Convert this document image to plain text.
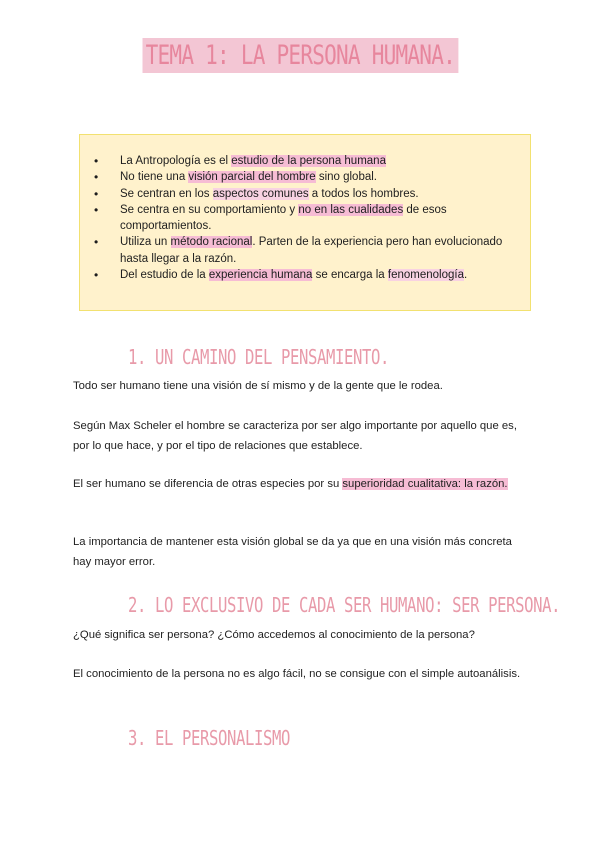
TEMA 1: LA PERSONA HUMANA.
• La Antropología es el estudio de la persona humana
• No tiene una visión parcial del hombre sino global.
• Se centran en los aspectos comunes a todos los hombres.
• Se centra en su comportamiento y no en las cualidades de esos comportamientos.
• Utiliza un método racional. Parten de la experiencia pero han evolucionado hasta llegar a la razón.
• Del estudio de la experiencia humana se encarga la fenomenología.
1. UN CAMINO DEL PENSAMIENTO.
Todo ser humano tiene una visión de sí mismo y de la gente que le rodea.
Según Max Scheler el hombre se caracteriza por ser algo importante por aquello que es, por lo que hace, y por el tipo de relaciones que establece.
El ser humano se diferencia de otras especies por su superioridad cualitativa: la razón.
La importancia de mantener esta visión global se da ya que en una visión más concreta hay mayor error.
2. LO EXCLUSIVO DE CADA SER HUMANO: SER PERSONA.
¿Qué significa ser persona? ¿Cómo accedemos al conocimiento de la persona?
El conocimiento de la persona no es algo fácil, no se consigue con el simple autoanálisis.
3. EL PERSONALISMO
